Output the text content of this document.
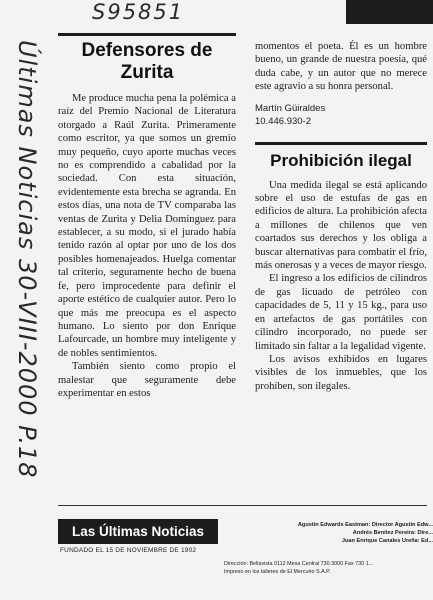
S95851
Últimas Noticias 30-VIII-2000 P.18	Defensores de Zurita

Me produce mucha pena la polémica a raíz del Premio Nacional de Literatura otorgado a Raúl Zurita. Primeramente como escritor, ya que somos un gremio muy pequeño, cuyo aporte muchas veces no es comprendido a cabalidad por la sociedad. Con esta situación, evidentemente esta brecha se agranda. En estos días, una nota de TV comparaba las ventas de Zurita y Delia Domínguez para establecer, a su modo, si el jurado había tenido razón al optar por uno de los dos posibles homenajeados. Huelga comentar tal criterio, seguramente hecho de buena fe, pero improcedente para definir el aporte estético de cualquier autor. Pero lo que más me preocupa es el aspecto humano. Lo siento por don Enrique Lafourcade, un hombre muy inteligente y de nobles sentimientos.

También siento como propio el malestar que seguramente debe experimentar en estos

momentos el poeta. Él es un hombre bueno, un grande de nuestra poesía, qué duda cabe, y un autor que no merece este agravio a su honra personal.

Martín Güiraldes
10.446.930-2
Prohibición ilegal

Una medida ilegal se está aplicando sobre el uso de estufas de gas en edificios de altura. La prohibición afecta a millones de chilenos que ven coartados sus derechos y los obliga a buscar alternativas para combatir el frío, más onerosas y a veces de mayor riesgo.

El ingreso a los edificios de cilindros de gas licuado de petróleo con capacidades de 5, 11 y 15 kg., para uso en artefactos de gas portátiles con cilindro incorporado, no puede ser limitado sin faltar a la legalidad vigente.

Los avisos exhibidos en lugares visibles de los inmuebles, que los prohíben, son ilegales.

Las Últimas Noticias
FUNDADO EL 15 DE NOVIEMBRE DE 1902
Agustín Edwards Eastman: Director Agustín Edw...
Andrés Benítez Pereira: Dire...
Juan Enrique Canales Ureña: Ed...
Dirección: Bellavista 0112 Mesa Central 730 3000 Fax 730 1...
Impreso en los talleres de El Mercurio S.A.P.
